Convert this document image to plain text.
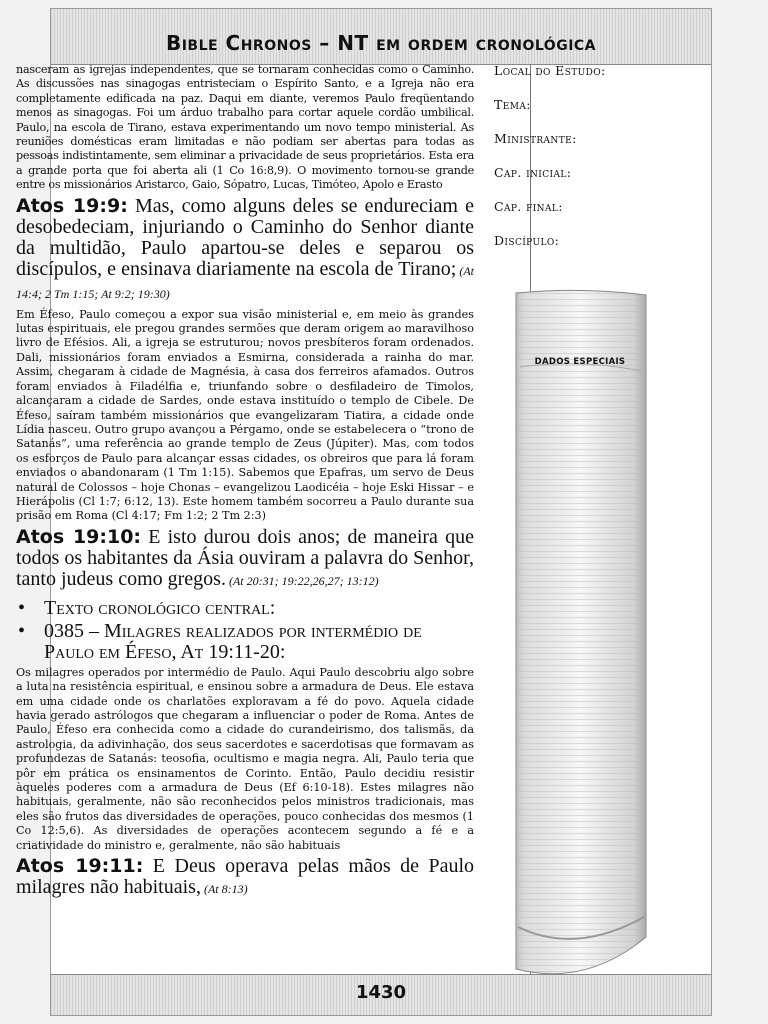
Bible Chronos – NT em ordem cronológica
1430

nasceram as igrejas independentes, que se tornaram conhecidas como o Caminho. As discussões nas sinagogas entristeciam o Espírito Santo, e a Igreja não era completamente edificada na paz. Daqui em diante, veremos Paulo freqüentando menos as sinagogas. Foi um árduo trabalho para cortar aquele cordão umbilical. Paulo, na escola de Tirano, estava experimentando um novo tempo ministerial. As reuniões domésticas eram limitadas e não podiam ser abertas para todas as pessoas indistintamente, sem eliminar a privacidade de seus proprietários. Esta era a grande porta que foi aberta ali (1 Co 16:8,9). O movimento tornou-se grande entre os missionários Aristarco, Gaio, Sópatro, Lucas, Timóteo, Apolo e Erasto

Atos 19:9: Mas, como alguns deles se endureciam e desobedeciam, injuriando o Caminho do Senhor diante da multidão, Paulo apartou-se deles e separou os discípulos, e ensinava diariamente na escola de Tirano; (At 14:4; 2 Tm 1:15; At 9:2; 19:30)

Em Éfeso, Paulo começou a expor sua visão ministerial e, em meio às grandes lutas espirituais, ele pregou grandes sermões que deram origem ao maravilhoso livro de Efésios. Ali, a igreja se estruturou; novos presbíteros foram ordenados. Dali, missionários foram enviados a Esmirna, considerada a rainha do mar. Assim, chegaram à cidade de Magnésia, à casa dos ferreiros afamados. Outros foram enviados à Filadélfia e, triunfando sobre o desfiladeiro de Timolos, alcançaram a cidade de Sardes, onde estava instituído o templo de Cibele. De Éfeso, saíram também missionários que evangelizaram Tiatira, a cidade onde Lídia nasceu. Outro grupo avançou a Pérgamo, onde se estabelecera o “trono de Satanás”, uma referência ao grande templo de Zeus (Júpiter). Mas, com todos os esforços de Paulo para alcançar essas cidades, os obreiros que para lá foram enviados o abandonaram (1 Tm 1:15). Sabemos que Epafras, um servo de Deus natural de Colossos – hoje Chonas – evangelizou Laodicéia – hoje Eski Hissar – e Hierápolis (Cl 1:7; 6:12, 13). Este homem também socorreu a Paulo durante sua prisão em Roma (Cl 4:17; Fm 1:2; 2 Tm 2:3)

Atos 19:10: E isto durou dois anos; de maneira que todos os habitantes da Ásia ouviram a palavra do Senhor, tanto judeus como gregos. (At 20:31; 19:22,26,27; 13:12)

• Texto cronológico central:
• 0385 – Milagres realizados por intermédio de Paulo em Éfeso, At 19:11-20:

Os milagres operados por intermédio de Paulo. Aqui Paulo descobriu algo sobre a luta na resistência espiritual, e ensinou sobre a armadura de Deus. Ele estava em uma cidade onde os charlatões exploravam a fé do povo. Aquela cidade havia gerado astrólogos que chegaram a influenciar o poder de Roma. Antes de Paulo, Éfeso era conhecida como a cidade do curandeirismo, dos talismãs, da astrologia, da adivinhação, dos seus sacerdotes e sacerdotisas que formavam as profundezas de Satanás: teosofia, ocultismo e magia negra. Ali, Paulo teria que pôr em prática os ensinamentos de Corinto. Então, Paulo decidiu resistir àqueles poderes com a armadura de Deus (Ef 6:10-18). Estes milagres não habituais, geralmente, não são reconhecidos pelos ministros tradicionais, mas eles são frutos das diversidades de operações, pouco conhecidas dos mesmos (1 Co 12:5,6). As diversidades de operações acontecem segundo a fé e a criatividade do ministro e, geralmente, não são habituais

Atos 19:11: E Deus operava pelas mãos de Paulo milagres não habituais, (At 8:13)

Local do Estudo:
Tema:
Ministrante:
Cap. inicial:
Cap. final:
Discípulo:
DADOS ESPECIAIS
